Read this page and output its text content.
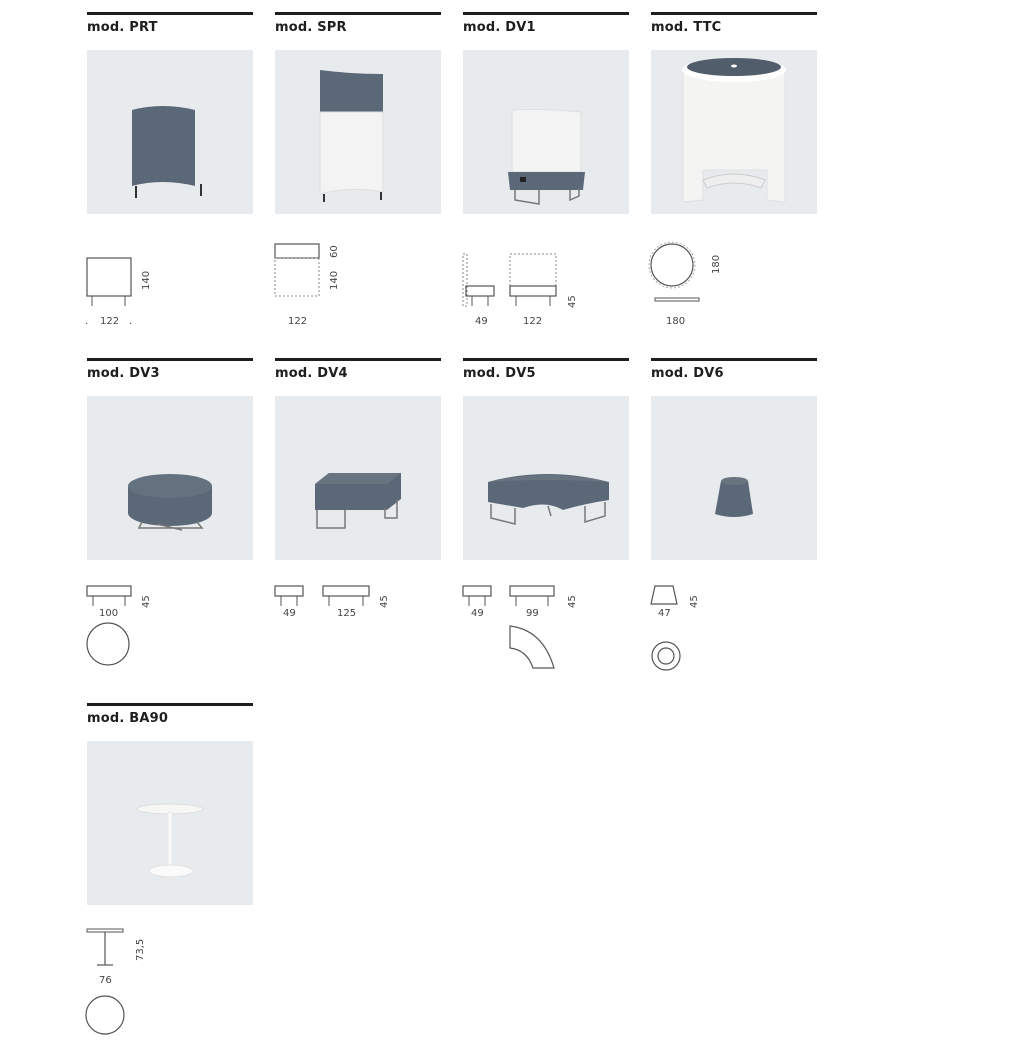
mod. PRT
122
140
.	.
mod. SPR
122
60
140
mod. DV1
49	122
45
mod. TTC
180
180
mod. DV3
100
45
mod. DV4
49	125
45
mod. DV5
49	99
45
mod. DV6
47
45
mod. BA90
76
73,5
